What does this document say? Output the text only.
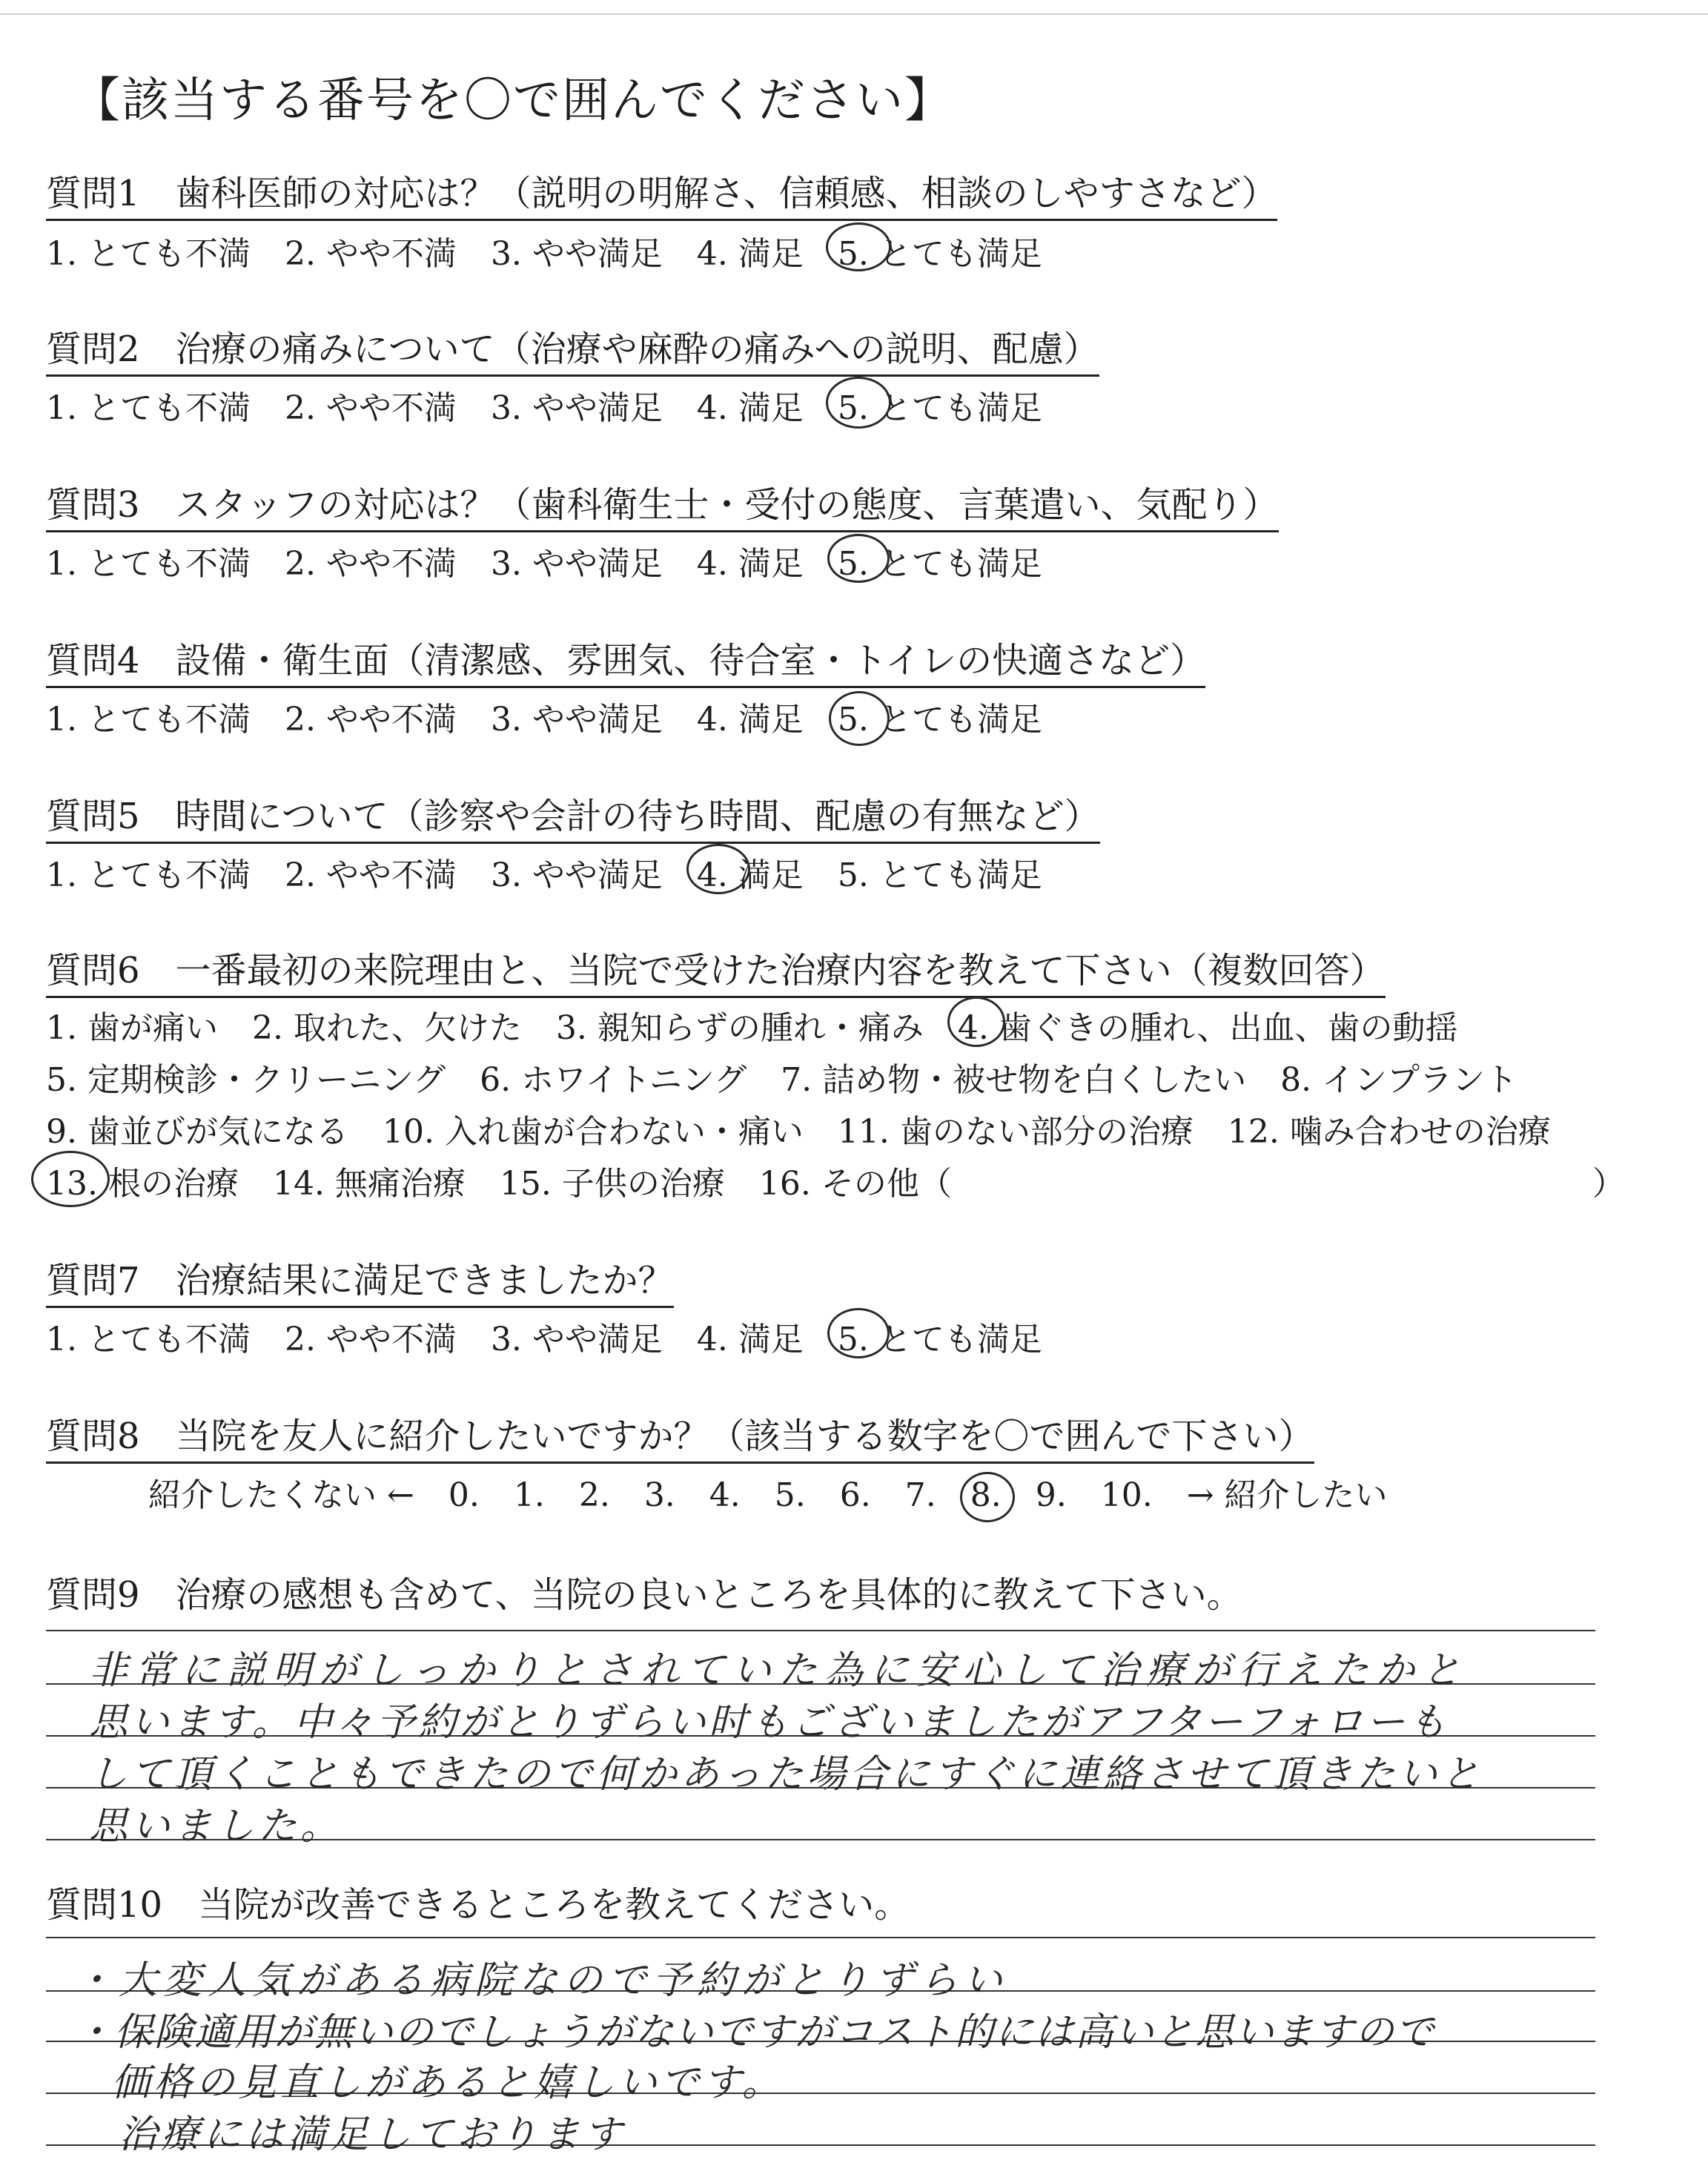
【該当する番号を〇で囲んでください】
質問1　歯科医師の対応は？（説明の明解さ、信頼感、相談のしやすさなど）
1. とても不満 2. やや不満 3. やや満足 4. 満足 5. とても満足
質問2　治療の痛みについて（治療や麻酔の痛みへの説明、配慮）
1. とても不満 2. やや不満 3. やや満足 4. 満足 5. とても満足
質問3　スタッフの対応は？（歯科衛生士・受付の態度、言葉遣い、気配り）
1. とても不満 2. やや不満 3. やや満足 4. 満足 5. とても満足
質問4　設備・衛生面（清潔感、雰囲気、待合室・トイレの快適さなど）
1. とても不満 2. やや不満 3. やや満足 4. 満足 5. とても満足
質問5　時間について（診察や会計の待ち時間、配慮の有無など）
1. とても不満 2. やや不満 3. やや満足 4. 満足 5. とても満足
質問6　一番最初の来院理由と、当院で受けた治療内容を教えて下さい（複数回答）
1. 歯が痛い 2. 取れた、欠けた 3. 親知らずの腫れ・痛み 4. 歯ぐきの腫れ、出血、歯の動揺
5. 定期検診・クリーニング 6. ホワイトニング 7. 詰め物・被せ物を白くしたい 8. インプラント
9. 歯並びが気になる 10. 入れ歯が合わない・痛い 11. 歯のない部分の治療 12. 噛み合わせの治療
13. 根の治療 14. 無痛治療 15. 子供の治療 16. その他（	）
質問7　治療結果に満足できましたか？
1. とても不満 2. やや不満 3. やや満足 4. 満足 5. とても満足
質問8　当院を友人に紹介したいですか？（該当する数字を〇で囲んで下さい）
紹介したくない ← 0. 1. 2. 3. 4. 5. 6. 7. 8. 9. 10. → 紹介したい
質問9　治療の感想も含めて、当院の良いところを具体的に教えて下さい。
非常に説明がしっかりとされていた為に安心して治療が行えたかと
思います。中々予約がとりずらい时もございましたがアフターフォローも
して頂くこともできたので何かあった場合にすぐに連絡させて頂きたいと
思いました。
質問10　当院が改善できるところを教えてください。
・大変人気がある病院なので予約がとりずらい
・保険適用が無いのでしょうがないですがコスト的には高いと思いますので
価格の見直しがあると嬉しいです。
治療には満足しております
